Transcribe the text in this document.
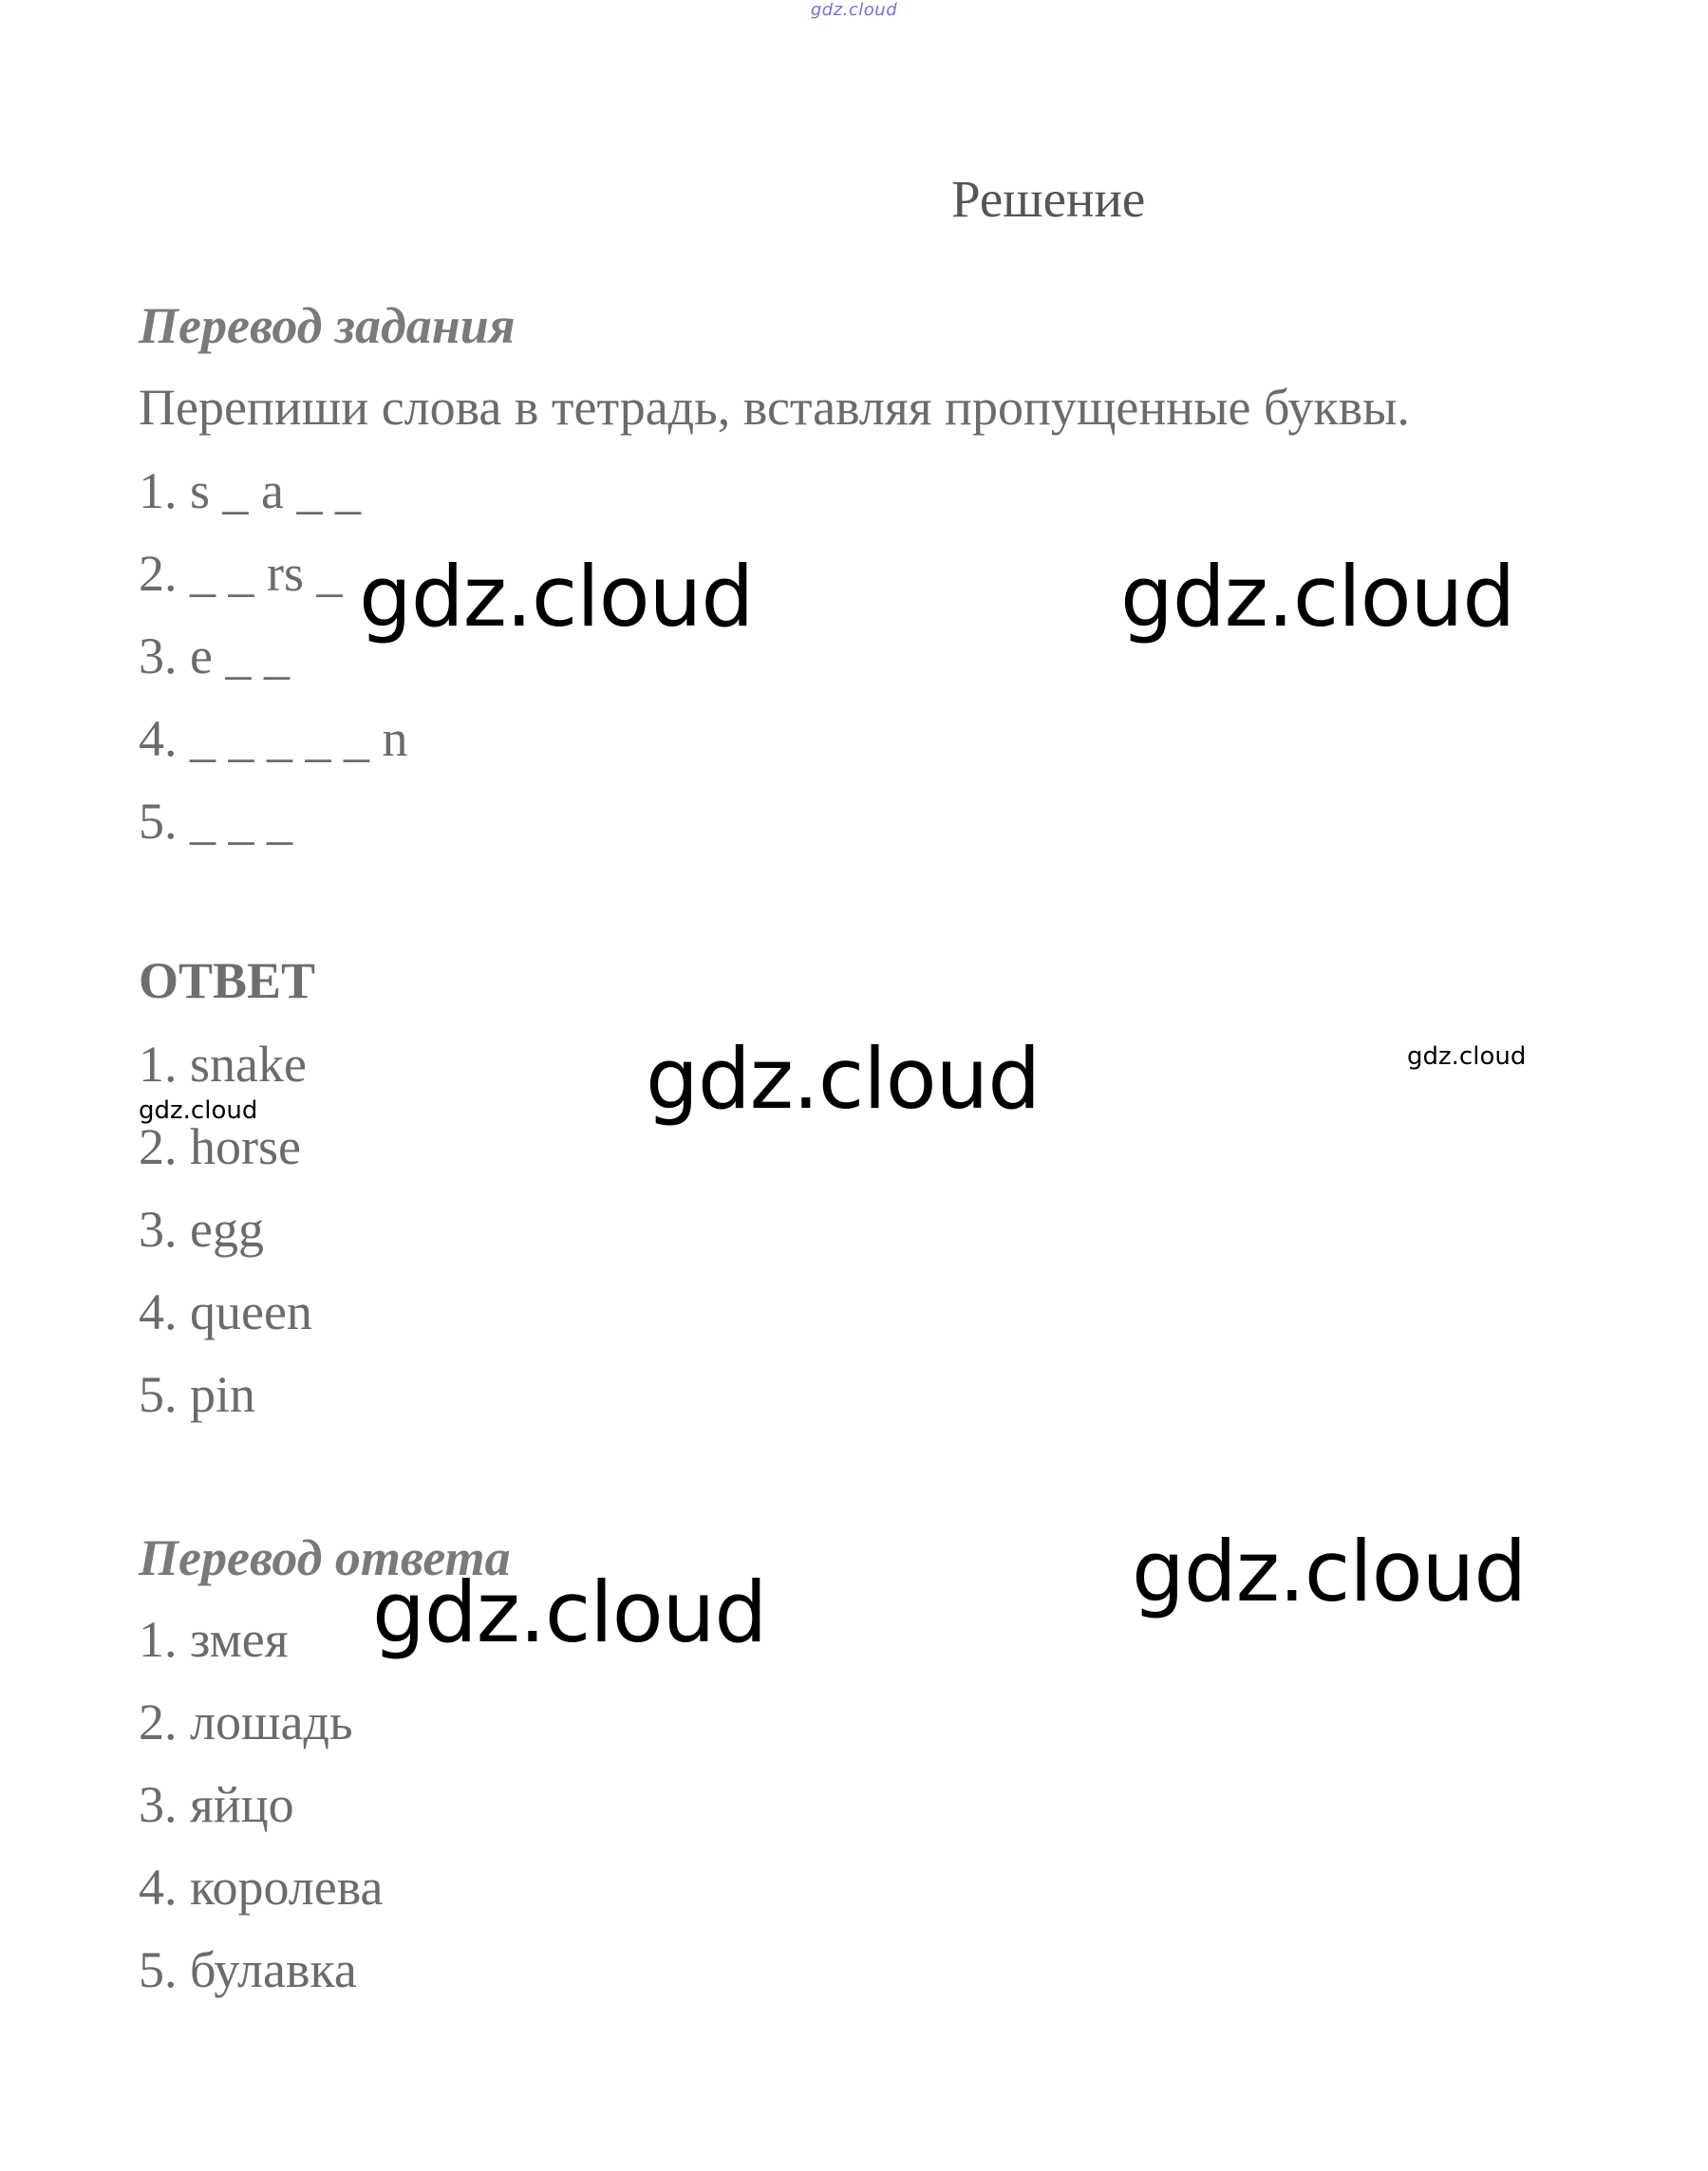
gdz.cloud
Решение
Перевод задания
Перепиши слова в тетрадь, вставляя пропущенные буквы.
1. s _ a _ _
2. _ _ rs _
3. e _ _
4. _ _ _ _ _ n
5. _ _ _
ОТВЕТ
1. snake
2. horse
3. egg
4. queen
5. pin
Перевод ответа
1. змея
2. лошадь
3. яйцо
4. королева
5. булавка
gdz.cloud	gdz.cloud
gdz.cloud
gdz.cloud
gdz.cloud
gdz.cloud
gdz.cloud
